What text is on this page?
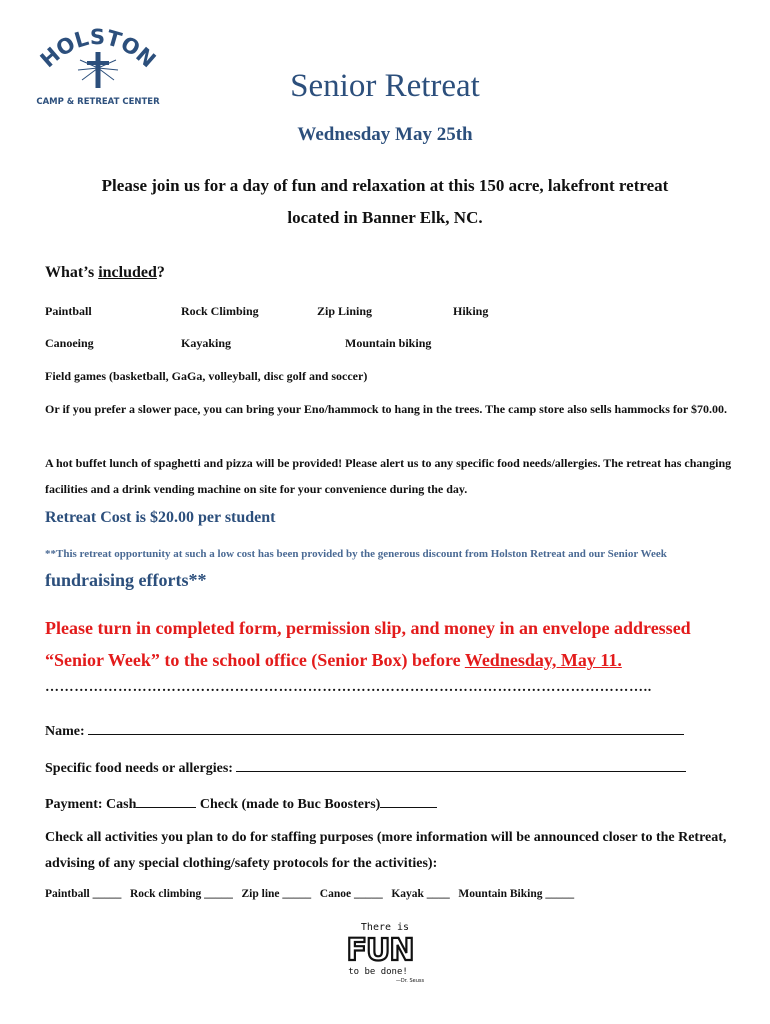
HOLSTON
CAMP & RETREAT CENTER	Senior Retreat
Wednesday May 25th
Please join us for a day of fun and relaxation at this 150 acre, lakefront retreat
located in Banner Elk, NC.
What’s included?
Paintball	Rock Climbing	Zip Lining	Hiking
Canoeing	Kayaking	Mountain biking
Field games (basketball, GaGa, volleyball, disc golf and soccer)
Or if you prefer a slower pace, you can bring your Eno/hammock to hang in the trees. The camp store also sells hammocks for $70.00.
A hot buffet lunch of spaghetti and pizza will be provided! Please alert us to any specific food needs/allergies. The retreat has changing facilities and a drink vending machine on site for your convenience during the day.
Retreat Cost is $20.00 per student
**This retreat opportunity at such a low cost has been provided by the generous discount from Holston Retreat and our Senior Week
fundraising efforts**
Please turn in completed form, permission slip, and money in an envelope addressed
“Senior Week” to the school office (Senior Box) before Wednesday, May 11.
……………………………………………………………………………………………………………..
Name:
Specific food needs or allergies:
Payment: Cash	Check (made to Buc Boosters)
Check all activities you plan to do for staffing purposes (more information will be announced closer to the Retreat, advising of any special clothing/safety protocols for the activities):
Paintball _____ Rock climbing _____ Zip line _____ Canoe _____ Kayak ____ Mountain Biking _____
There is
FUN
to be done!
—Dr. Seuss
